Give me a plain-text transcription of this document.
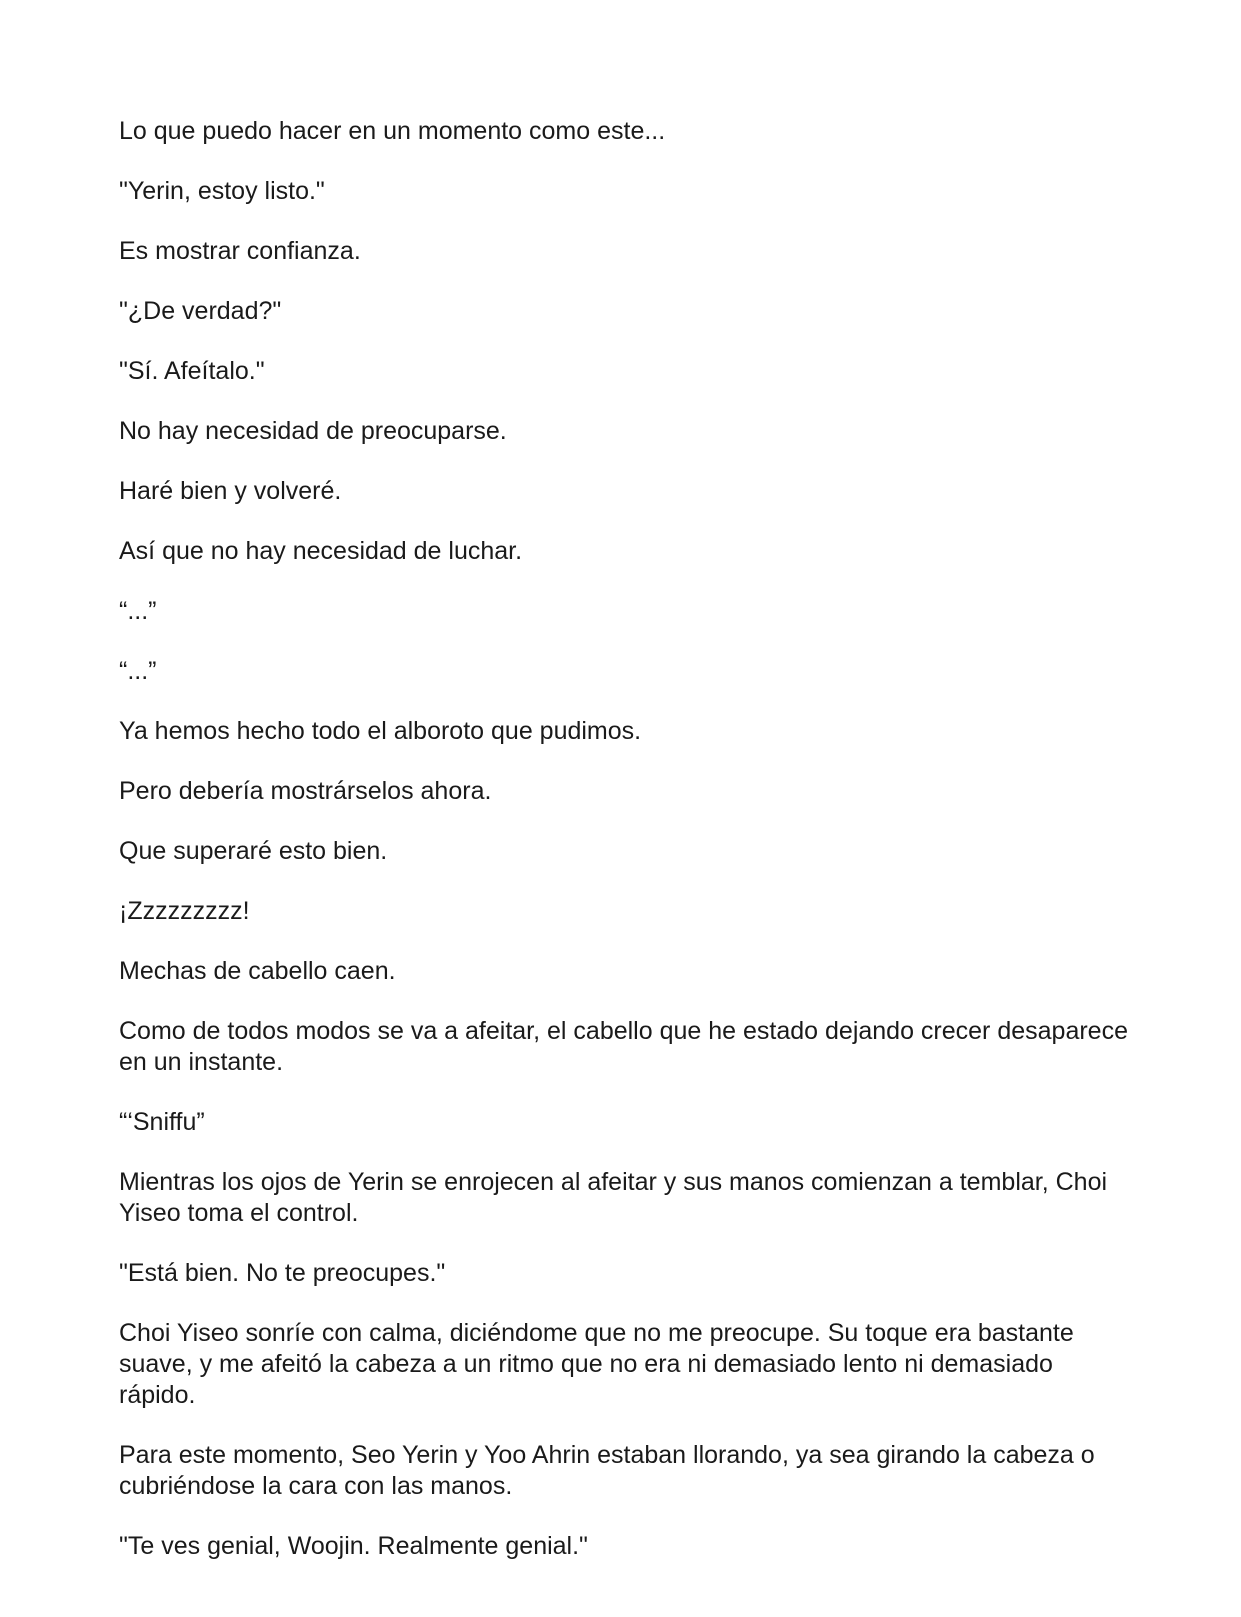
Lo que puedo hacer en un momento como este...

"Yerin, estoy listo."

Es mostrar confianza.

"¿De verdad?"

"Sí. Afeítalo."

No hay necesidad de preocuparse.

Haré bien y volveré.

Así que no hay necesidad de luchar.

“...”

“...”

Ya hemos hecho todo el alboroto que pudimos.

Pero debería mostrárselos ahora.

Que superaré esto bien.

¡Zzzzzzzzz!

Mechas de cabello caen.

Como de todos modos se va a afeitar, el cabello que he estado dejando crecer desaparece en un instante.

“‘Sniffu”

Mientras los ojos de Yerin se enrojecen al afeitar y sus manos comienzan a temblar, Choi Yiseo toma el control.

"Está bien. No te preocupes."

Choi Yiseo sonríe con calma, diciéndome que no me preocupe. Su toque era bastante suave, y me afeitó la cabeza a un ritmo que no era ni demasiado lento ni demasiado rápido.

Para este momento, Seo Yerin y Yoo Ahrin estaban llorando, ya sea girando la cabeza o cubriéndose la cara con las manos.

"Te ves genial, Woojin. Realmente genial."
